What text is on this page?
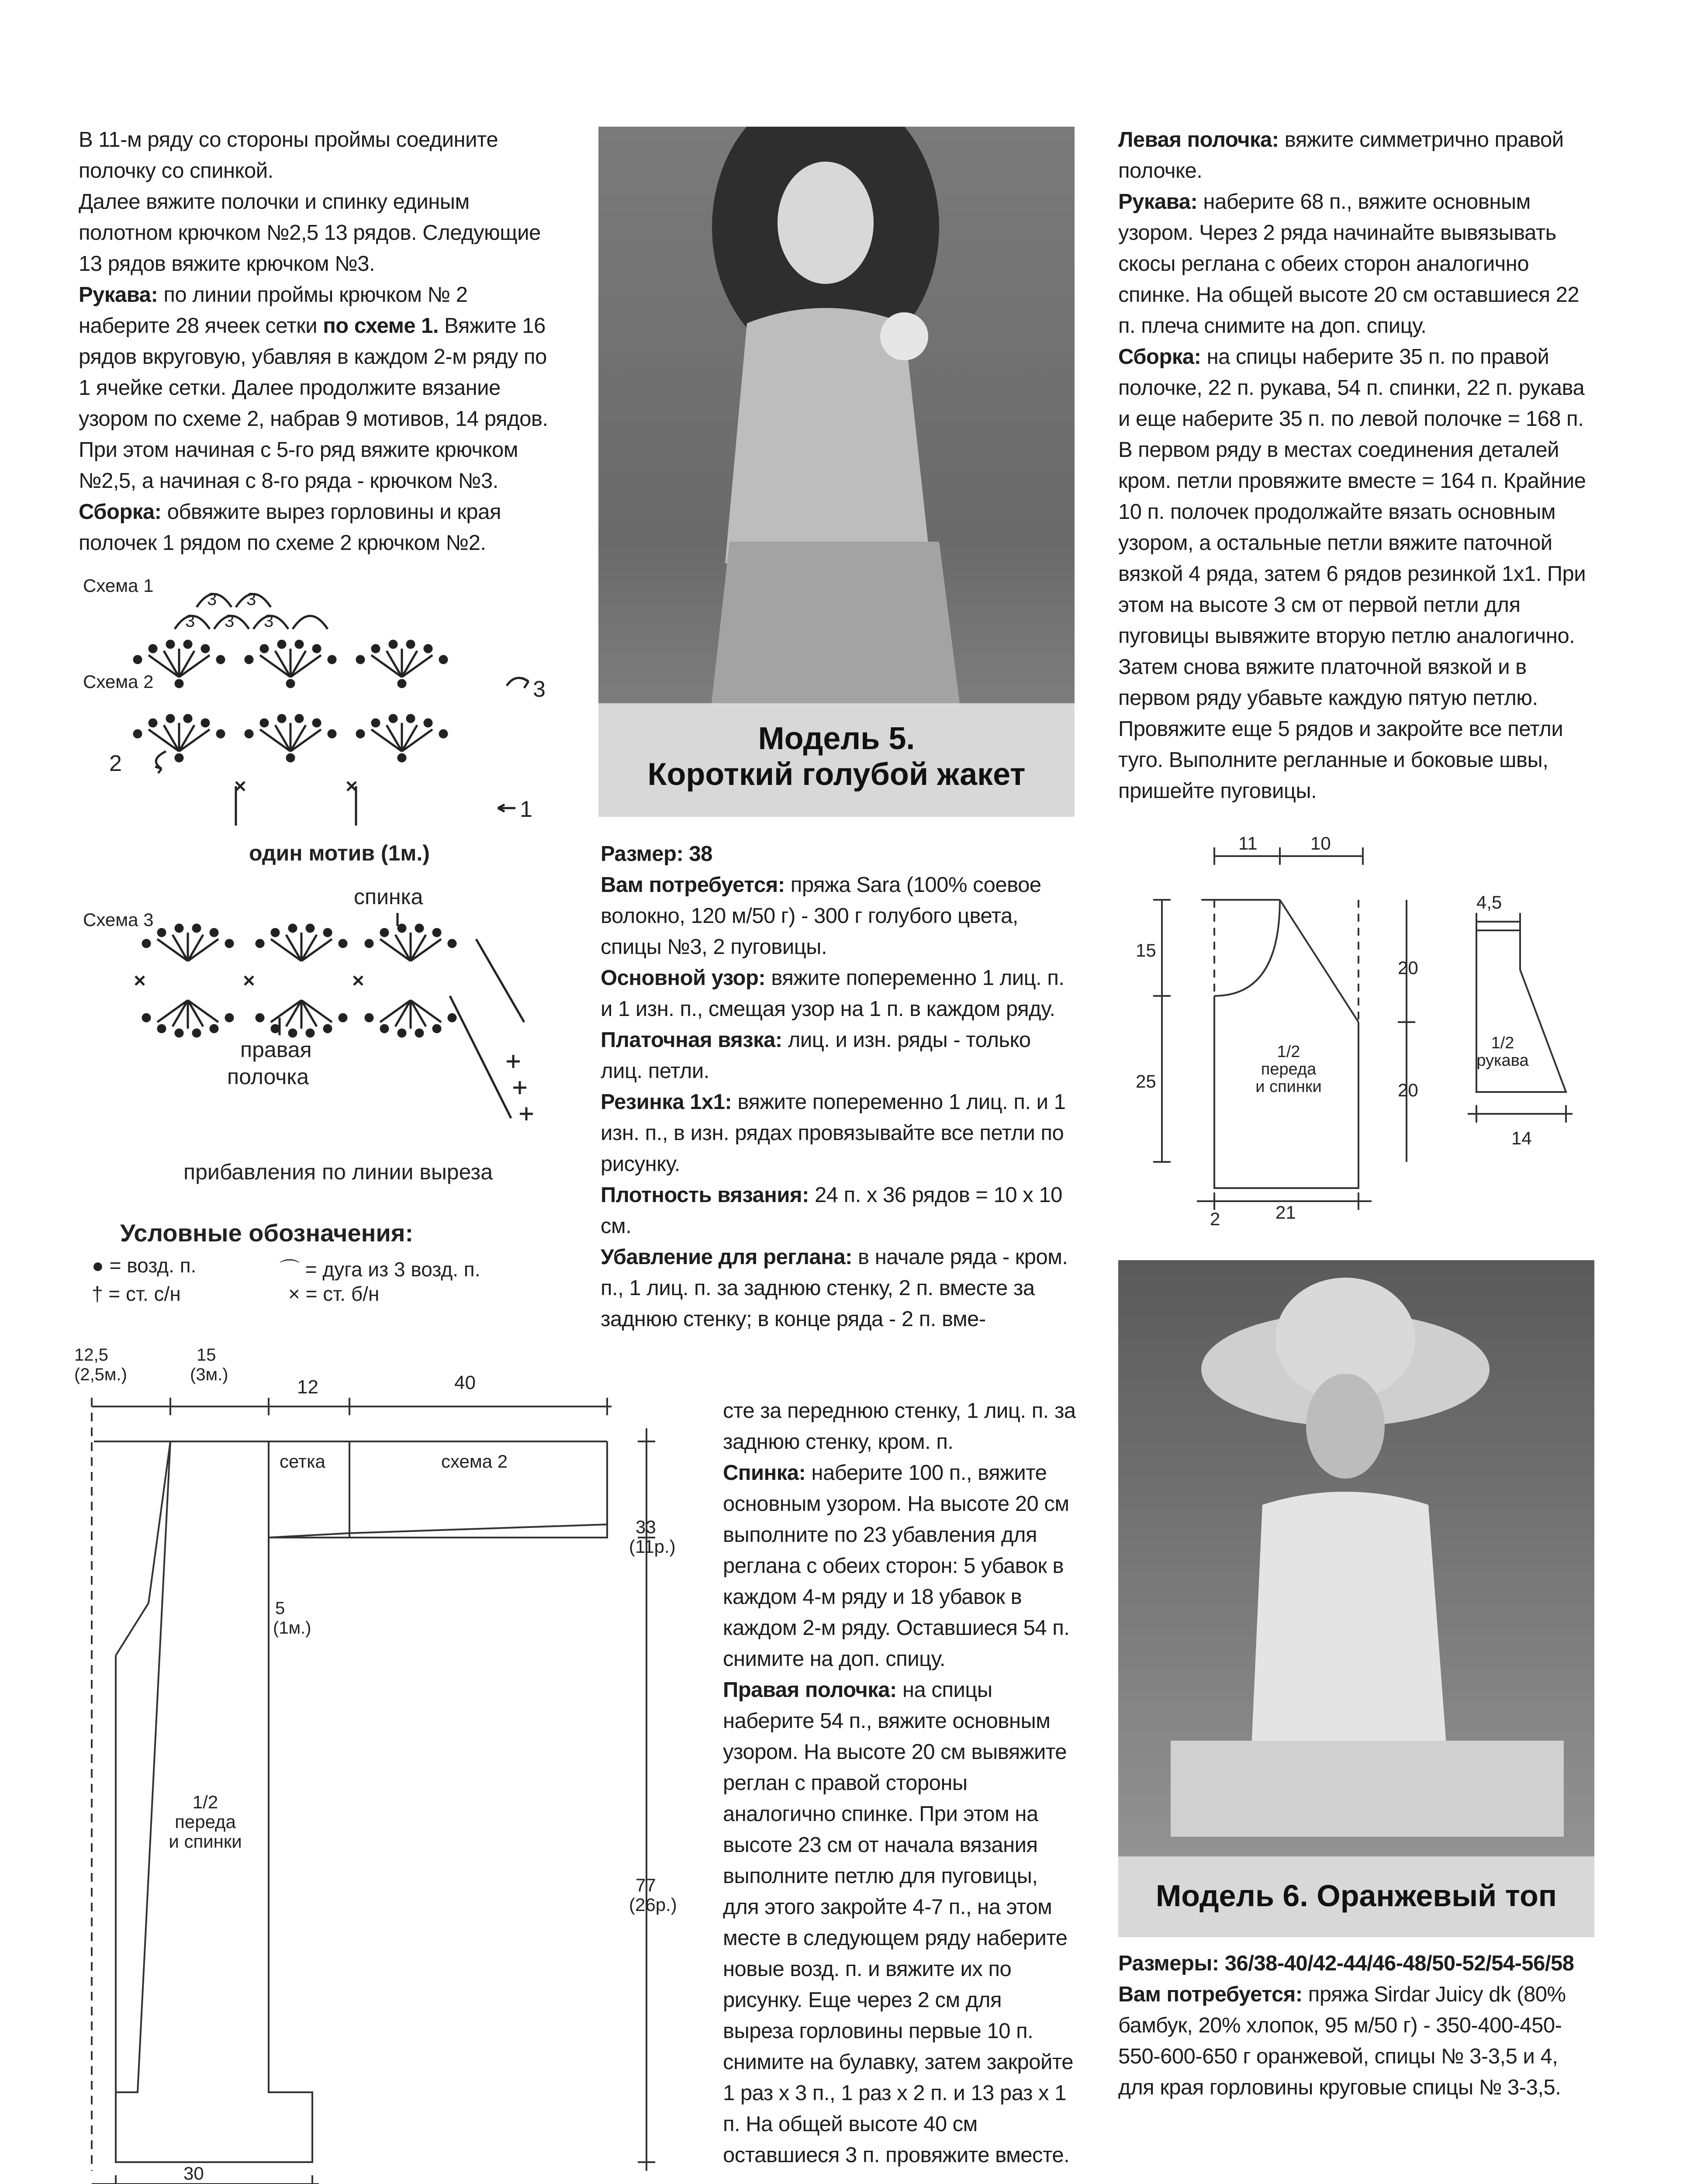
В 11-м ряду со стороны проймы соедините полочку со спинкой.

Далее вяжите полочки и спинку единым полотном крючком №2,5 13 рядов. Следующие 13 рядов вяжите крючком №3.

Рукава: по линии проймы крючком № 2 наберите 28 ячеек сетки по схеме 1. Вяжите 16 рядов вкруговую, убавляя в каждом 2-м ряду по 1 ячейке сетки. Далее продолжите вязание узором по схеме 2, набрав 9 мотивов, 14 рядов. При этом начиная с 5-го ряд вяжите крючком №2,5, а начиная с 8-го ряда - крючком №3.

Сборка: обвяжите вырез горловины и края полочек 1 рядом по схеме 2 крючком №2.

3 3
3 3 3
Схема 1
Схема 2	3
2
1
один мотив (1м.)
спинка
Схема 3
правая полочка
прибавления по линии выреза
Условные обозначения:
● = возд. п.	⌒ = дуга из 3 возд. п.
† = ст. с/н	× = ст. б/н
12,5
(2,5м.)
15
(3м.)
12	40
сетка	схема 2
33
(11р.)
5
(1м.)
1/2 переда и спинки
77
(26р.)
30
Модель 5.
Короткий голубой жакет

Размер: 38

Вам потребуется: пряжа Sara (100% соевое волокно, 120 м/50 г) - 300 г голубого цвета, спицы №3, 2 пуговицы.

Основной узор: вяжите попеременно 1 лиц. п. и 1 изн. п., смещая узор на 1 п. в каждом ряду.

Платочная вязка: лиц. и изн. ряды - только лиц. петли.

Резинка 1х1: вяжите попеременно 1 лиц. п. и 1 изн. п., в изн. рядах провязывайте все петли по рисунку.

Плотность вязания: 24 п. х 36 рядов = 10 х 10 см.

Убавление для реглана: в начале ряда - кром. п., 1 лиц. п. за заднюю стенку, 2 п. вместе за заднюю стенку; в конце ряда - 2 п. вме-

сте за переднюю стенку, 1 лиц. п. за заднюю стенку, кром. п.

Спинка: наберите 100 п., вяжите основным узором. На высоте 20 см выполните по 23 убавления для реглана с обеих сторон: 5 убавок в каждом 4-м ряду и 18 убавок в каждом 2-м ряду. Оставшиеся 54 п. снимите на доп. спицу.

Правая полочка: на спицы наберите 54 п., вяжите основным узором. На высоте 20 см вывяжите реглан с правой стороны аналогично спинке. При этом на высоте 23 см от начала вязания выполните петлю для пуговицы, для этого закройте 4-7 п., на этом месте в следующем ряду наберите новые возд. п. и вяжите их по рисунку. Еще через 2 см для выреза горловины первые 10 п. снимите на булавку, затем закройте 1 раз х 3 п., 1 раз х 2 п. и 13 раз х 1 п. На общей высоте 40 см оставшиеся 3 п. провяжите вместе.

Левая полочка: вяжите симметрично правой полочке.

Рукава: наберите 68 п., вяжите основным узором. Через 2 ряда начинайте вывязывать скосы реглана с обеих сторон аналогично спинке. На общей высоте 20 см оставшиеся 22 п. плеча снимите на доп. спицу.

Сборка: на спицы наберите 35 п. по правой полочке, 22 п. рукава, 54 п. спинки, 22 п. рукава и еще наберите 35 п. по левой полочке = 168 п. В первом ряду в местах соединения деталей кром. петли провяжите вместе = 164 п. Крайние 10 п. полочек продолжайте вязать основным узором, а остальные петли вяжите паточной вязкой 4 ряда, затем 6 рядов резинкой 1х1. При этом на высоте 3 см от первой петли для пуговицы вывяжите вторую петлю аналогично. Затем снова вяжите платочной вязкой и в первом ряду убавьте каждую пятую петлю. Провяжите еще 5 рядов и закройте все петли туго. Выполните регланные и боковые швы, пришейте пуговицы.

11	10
15
20
25	20
1/2 переда и спинки
2	21
4,5
1/2 рукава
14
Модель 6. Оранжевый топ

Размеры: 36/38-40/42-44/46-48/50-52/54-56/58

Вам потребуется: пряжа Sirdar Juicy dk (80% бамбук, 20% хлопок, 95 м/50 г) - 350-400-450-550-600-650 г оранжевой, спицы № 3-3,5 и 4, для края горловины круговые спицы № 3-3,5.
